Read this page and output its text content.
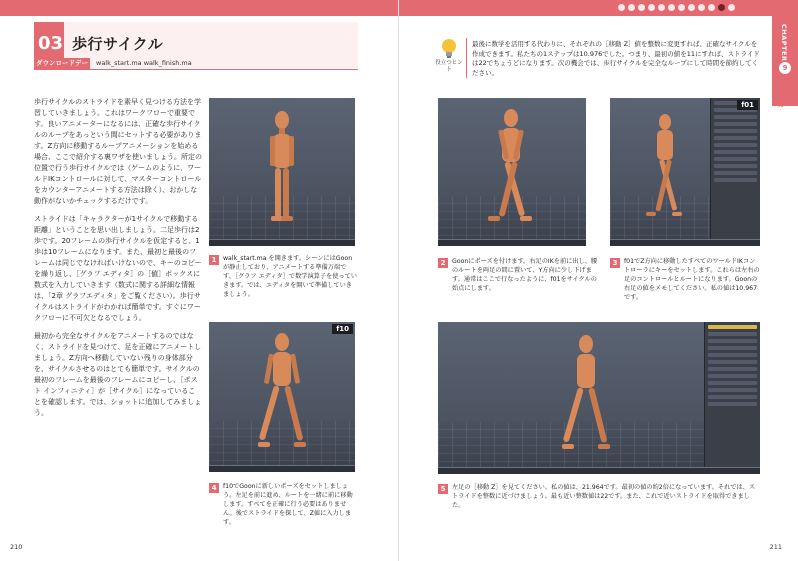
03 歩行サイクル
ダウンロードデータ
walk_start.ma walk_finish.ma

歩行サイクルのストライドを素早く見つける方法を学習していきましょう。これはワークフローで重要です。良いアニメーターになるには、正確な歩行サイクルのループをあっという間にセットする必要があります。Z方向に移動するループアニメーションを始める場合、ここで紹介する裏ワザを使いましょう。所定の位置で行う歩行サイクルでは（ゲームのように、ワールドIKコントロールに対して、マスターコントロールをカウンターアニメートする方法は除く）、おかしな動作がないかチェックするだけです。

ストライドは「キャラクターが1サイクルで移動する距離」ということを思い出しましょう。二足歩行は2歩です。20フレームの歩行サイクルを仮定すると、1歩は10フレームになります。また、最初と最後のフレームは同じでなければいけないので、キーのコピーを繰り返し、［グラフ エディタ］の［値］ボックスに数式を入力していきます（数式に関する詳細な情報は、「2章 グラフエディタ」をご覧ください）。歩行サイクルはストライドがわかれば簡単です。すぐにワークフローに不可欠となるでしょう。

最初から完全なサイクルをアニメートするのではなく、ストライドを見つけて、足を正確にアニメートしましょう。Z方向へ移動していない残りの身体部分を、サイクルさせるのはとても簡単です。サイクルの最初のフレームを最後のフレームにコピーし、［ポスト インフィニティ］が［サイクル］になっていることを確認します。では、ショットに追加してみましょう。

1	walk_start.ma を開きます。シーンにはGoonが静止しており、アニメートする準備万端です。［グラフ エディタ］で数学演算子を使っていきます。では、エディタを開いて準備していきましょう。
f10
4	f10でGoonに新しいポーズをセットしましょう。左足を前に進め、ルートを一緒に前に移動します。すべてを正確に行う必要はありません。後でストライドを探して、Z値に入力します。
210	211
CHAPTER
9
サイクル
役立つヒント
最後に数学を活用する代わりに、それぞれの［移動 Z］値を整数に変更すれば、正確なサイクルを作成できます。私たちの1ステップは10.976でした。つまり、最初の値を11にすれば、ストライドは22でちょうどになります。次の機会では、歩行サイクルを完全なループにして時間を節約してください。
2	Goonにポーズを付けます。右足のIKを前に出し、腰のルートを両足の間に置いて、Y方向に少し下げます。通常はここで行なったように、f01をサイクルの始点にします。
f01
3	f01でZ方向に移動したすべてのワールドIKコントローラにキーをセットします。これらは左右の足のコントロールとルートになります。Goonの右足の値をメモしてください。私の値は10.967です。
5	左足の［移動 Z］を見てください。私の値は、21.964です。最初の値の約2倍になっています。それでは、ストライドを整数に近づけましょう。最も近い整数値は22です。また、これで近いストライドを取得できました。
